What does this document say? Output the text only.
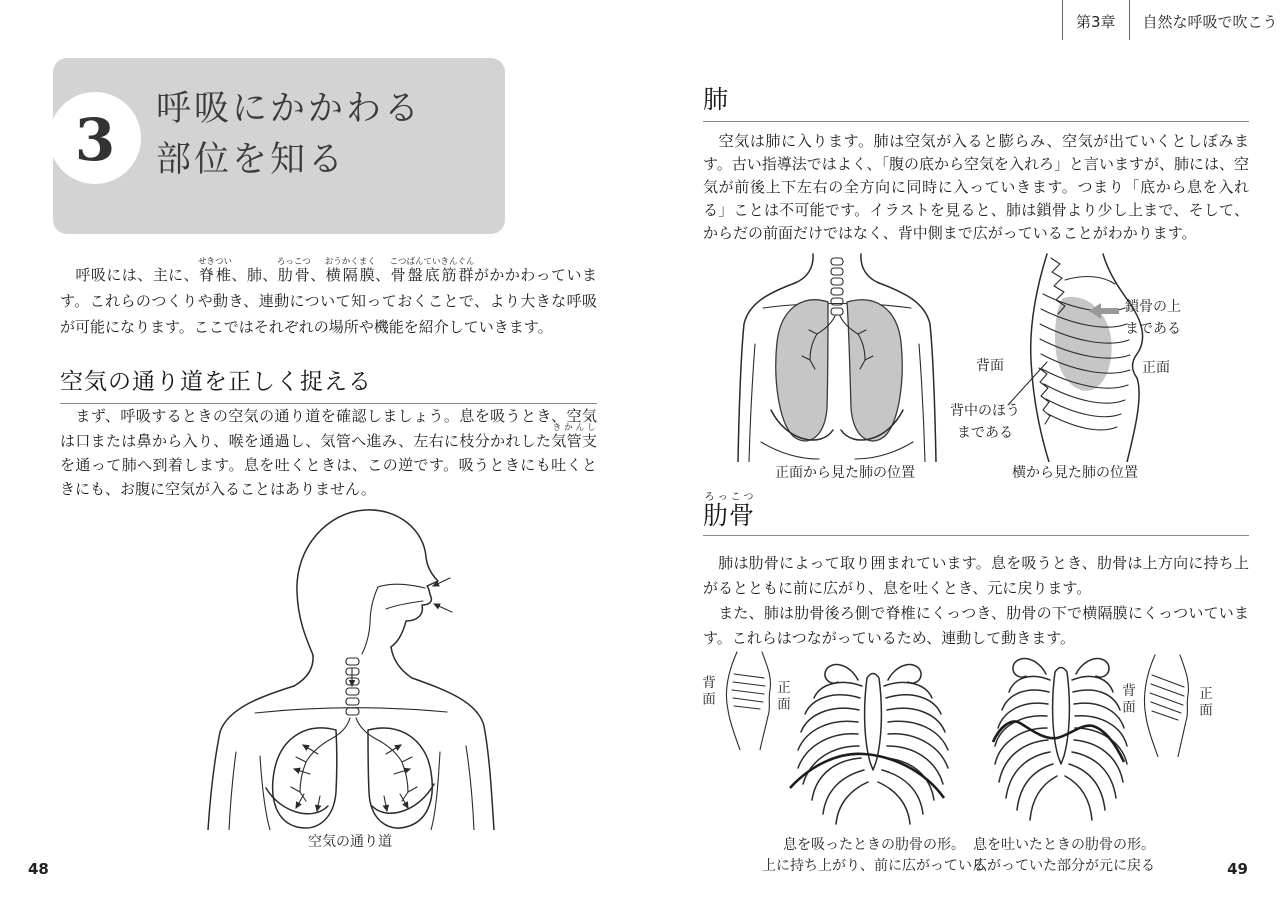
第3章	自然な呼吸で吹こう
3 呼吸にかかわる
部位を知る
　呼吸には、主に、脊椎せきつい、肺、肋骨ろっこつ、横隔膜おうかくまく、骨盤底筋群こつばんていきんぐんがかかわっています。これらのつくりや動き、連動について知っておくことで、より大きな呼吸が可能になります。ここではそれぞれの場所や機能を紹介していきます。
空気の通り道を正しく捉える
　まず、呼吸するときの空気の通り道を確認しましょう。息を吸うとき、空気は口または鼻から入り、喉を通過し、気管へ進み、左右に枝分かれした気管支きかんしを通って肺へ到着します。息を吐くときは、この逆です。吸うときにも吐くときにも、お腹に空気が入ることはありません。
空気の通り道
48
肺
　空気は肺に入ります。肺は空気が入ると膨らみ、空気が出ていくとしぼみます。古い指導法ではよく、「腹の底から空気を入れろ」と言いますが、肺には、空気が前後上下左右の全方向に同時に入っていきます。つまり「底から息を入れる」ことは不可能です。イラストを見ると、肺は鎖骨より少し上まで、そして、からだの前面だけではなく、背中側まで広がっていることがわかります。
正面から見た肺の位置
鎖骨の上
まである
背面	正面
背中のほう
まである
横から見た肺の位置
肋骨ろっこつ

　肺は肋骨によって取り囲まれています。息を吸うとき、肋骨は上方向に持ち上がるとともに前に広がり、息を吐くとき、元に戻ります。

　また、肺は肋骨後ろ側で脊椎にくっつき、肋骨の下で横隔膜にくっついています。これらはつながっているため、連動して動きます。

背面	正面	背面	正面
息を吸ったときの肋骨の形。
上に持ち上がり、前に広がっている
息を吐いたときの肋骨の形。
広がっていた部分が元に戻る	49
